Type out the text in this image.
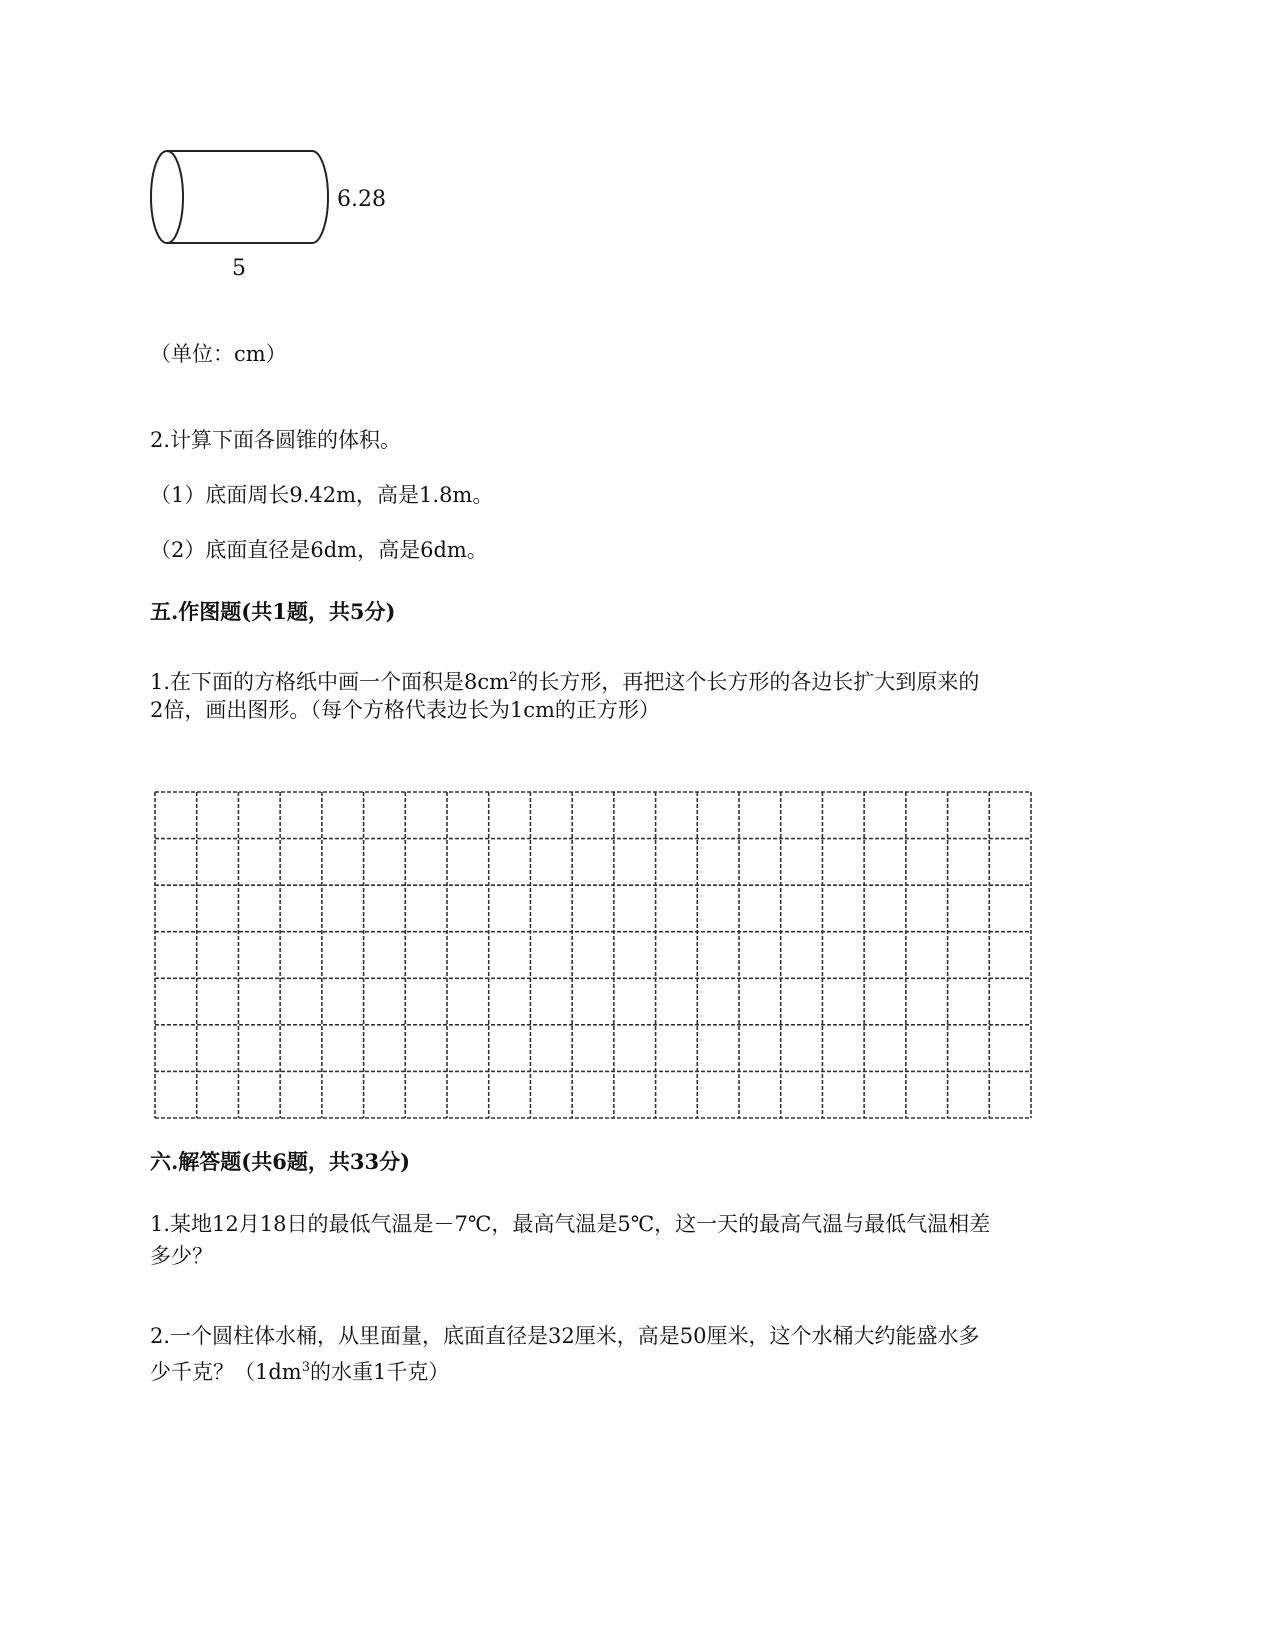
6.28
5
（单位：cm）
2.计算下面各圆锥的体积。
（1）底面周长9.42m，高是1.8m。
（2）底面直径是6dm，高是6dm。
五.作图题(共1题，共5分)
1.在下面的方格纸中画一个面积是$8cm^2$的长方形，再把这个长方形的各边长扩大到原来的
2倍，画出图形。（每个方格代表边长为1cm的正方形）
六.解答题(共6题，共33分)
1.某地12月18日的最低气温是－7℃，最高气温是5℃，这一天的最高气温与最低气温相差
多少？
2.一个圆柱体水桶，从里面量，底面直径是32厘米，高是50厘米，这个水桶大约能盛水多
少千克？（$1dm^3$的水重1千克）
